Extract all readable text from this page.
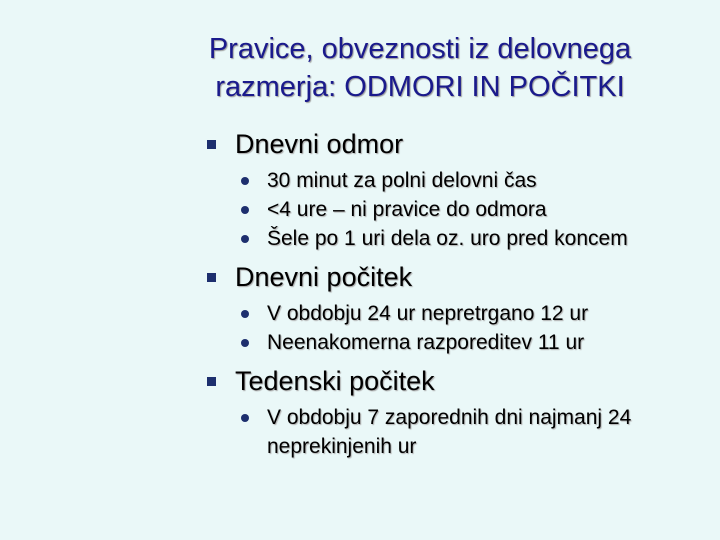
Pravice, obveznosti iz delovnega
razmerja: ODMORI IN POČITKI
Dnevni odmor
30 minut za polni delovni čas
<4 ure – ni pravice do odmora
Šele po 1 uri dela oz. uro pred koncem
Dnevni počitek
V obdobju 24 ur nepretrgano 12 ur
Neenakomerna razporeditev 11 ur
Tedenski počitek
V obdobju 7 zaporednih dni najmanj 24 neprekinjenih ur
